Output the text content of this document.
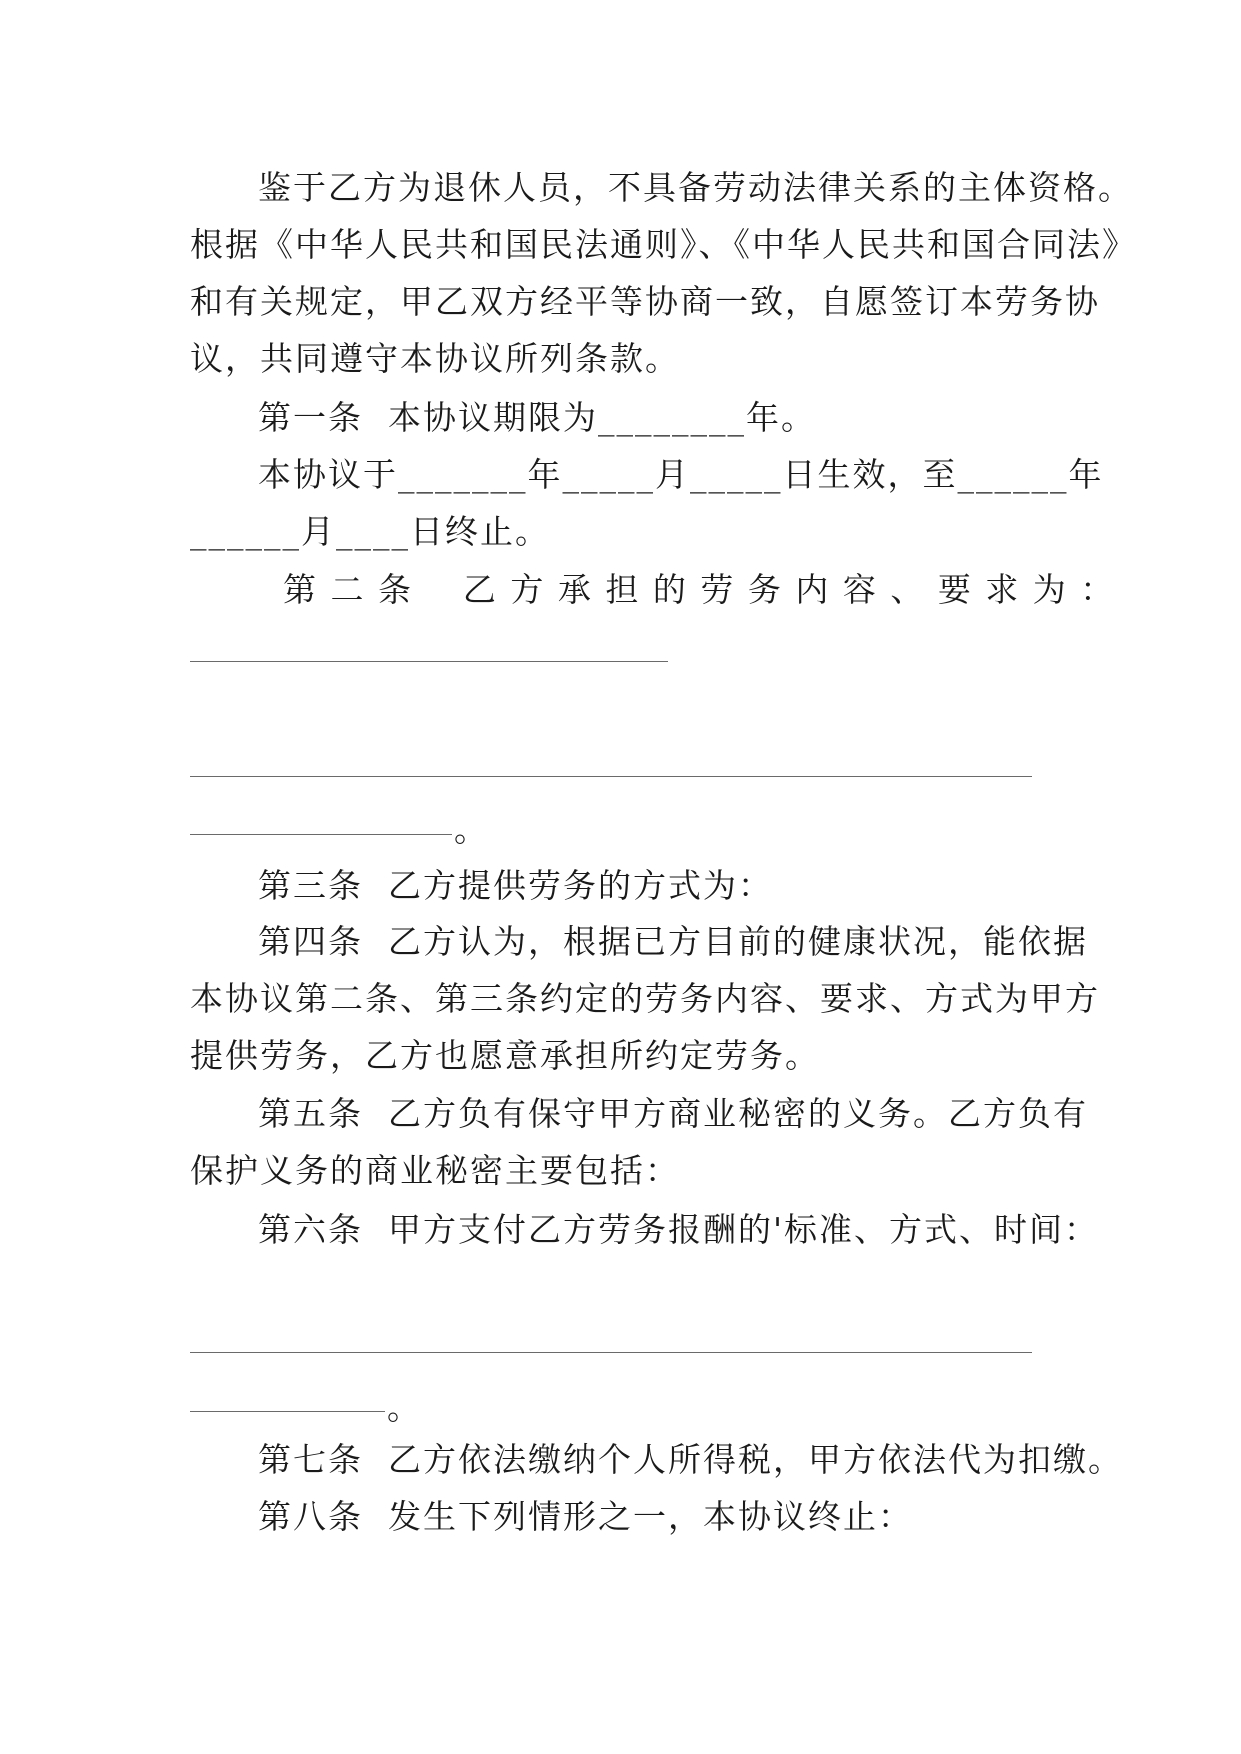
鉴于乙方为退休人员，不具备劳动法律关系的主体资格。
根据《中华人民共和国民法通则》、《中华人民共和国合同法》
和有关规定，甲乙双方经平等协商一致，自愿签订本劳务协
议，共同遵守本协议所列条款。
第一条  本协议期限为________年。
本协议于_______年_____月_____日生效，至______年
______月____日终止。
第 二 条    乙 方 承 担 的 劳 务 内 容 、 要 求 为 ：
。
第三条  乙方提供劳务的方式为：
第四条  乙方认为，根据已方目前的健康状况，能依据
本协议第二条、第三条约定的劳务内容、要求、方式为甲方
提供劳务，乙方也愿意承担所约定劳务。
第五条  乙方负有保守甲方商业秘密的义务。乙方负有
保护义务的商业秘密主要包括：
第六条  甲方支付乙方劳务报酬的'标准、方式、时间：
。
第七条  乙方依法缴纳个人所得税，甲方依法代为扣缴。
第八条  发生下列情形之一，本协议终止：
